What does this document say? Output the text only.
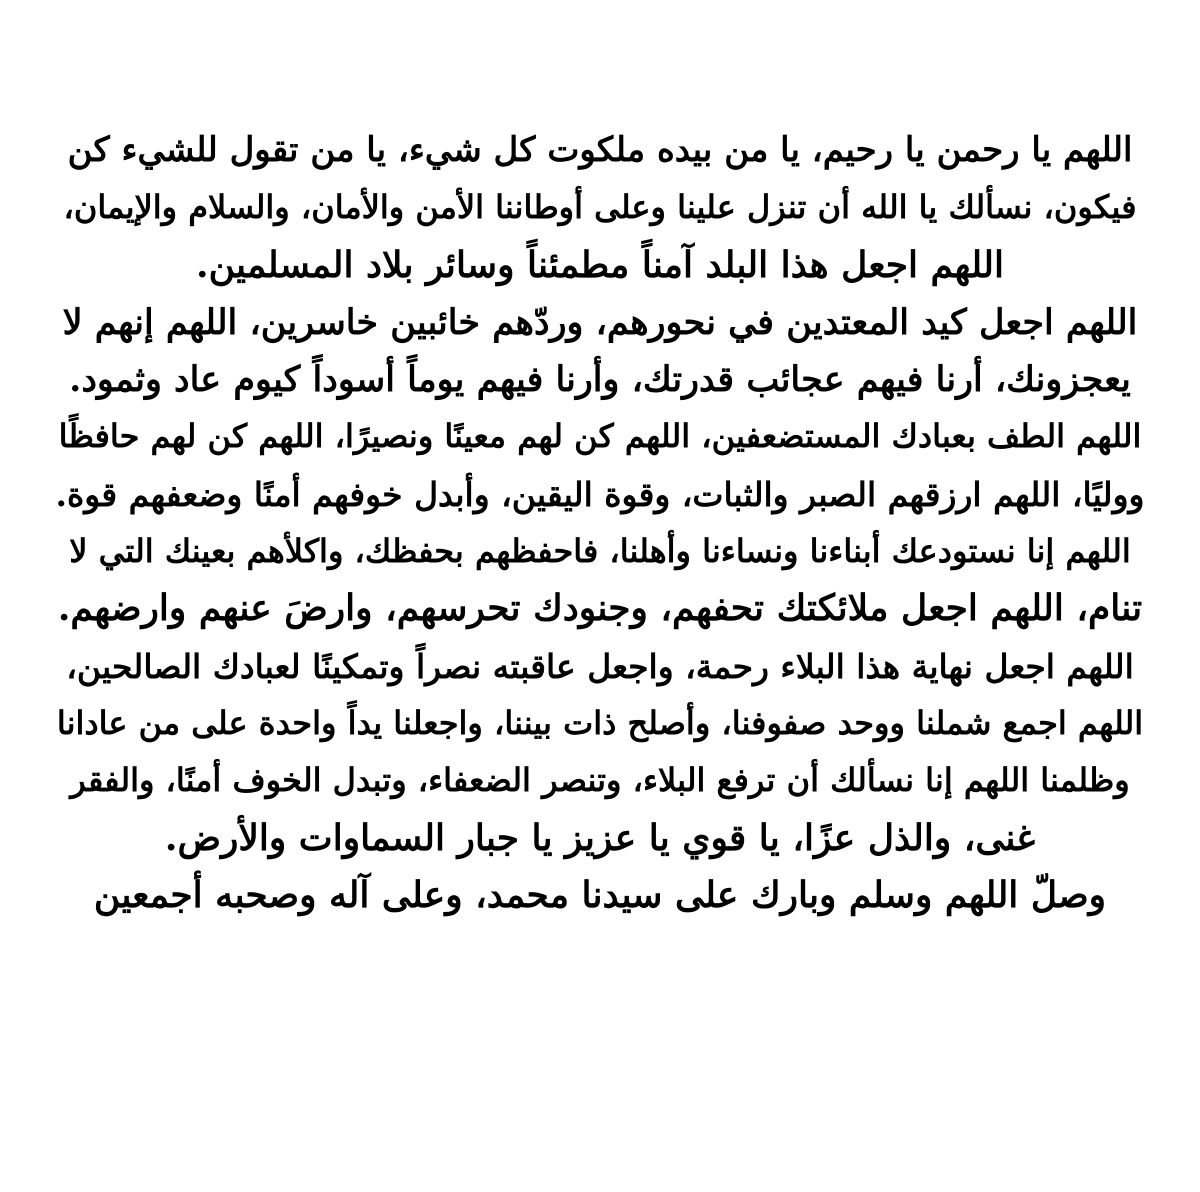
اللهم يا رحمن يا رحيم، يا من بيده ملكوت كل شيء، يا من تقول للشيء كن
فيكون، نسألك يا الله أن تنزل علينا وعلى أوطاننا الأمن والأمان، والسلام والإيمان،
اللهم اجعل هذا البلد آمناً مطمئناً وسائر بلاد المسلمين.
اللهم اجعل كيد المعتدين في نحورهم، وردّهم خائبين خاسرين، اللهم إنهم لا
يعجزونك، أرنا فيهم عجائب قدرتك، وأرنا فيهم يوماً أسوداً كيوم عاد وثمود.
اللهم الطف بعبادك المستضعفين، اللهم كن لهم معينًا ونصيرًا، اللهم كن لهم حافظًا
ووليًا، اللهم ارزقهم الصبر والثبات، وقوة اليقين، وأبدل خوفهم أمنًا وضعفهم قوة.
اللهم إنا نستودعك أبناءنا ونساءنا وأهلنا، فاحفظهم بحفظك، واكلأهم بعينك التي لا
تنام، اللهم اجعل ملائكتك تحفهم، وجنودك تحرسهم، وارضَ عنهم وارضهم.
اللهم اجعل نهاية هذا البلاء رحمة، واجعل عاقبته نصراً وتمكينًا لعبادك الصالحين،
اللهم اجمع شملنا ووحد صفوفنا، وأصلح ذات بيننا، واجعلنا يداً واحدة على من عادانا
وظلمنا اللهم إنا نسألك أن ترفع البلاء، وتنصر الضعفاء، وتبدل الخوف أمنًا، والفقر
غنى، والذل عزًا، يا قوي يا عزيز يا جبار السماوات والأرض.
وصلّ اللهم وسلم وبارك على سيدنا محمد، وعلى آله وصحبه أجمعين
